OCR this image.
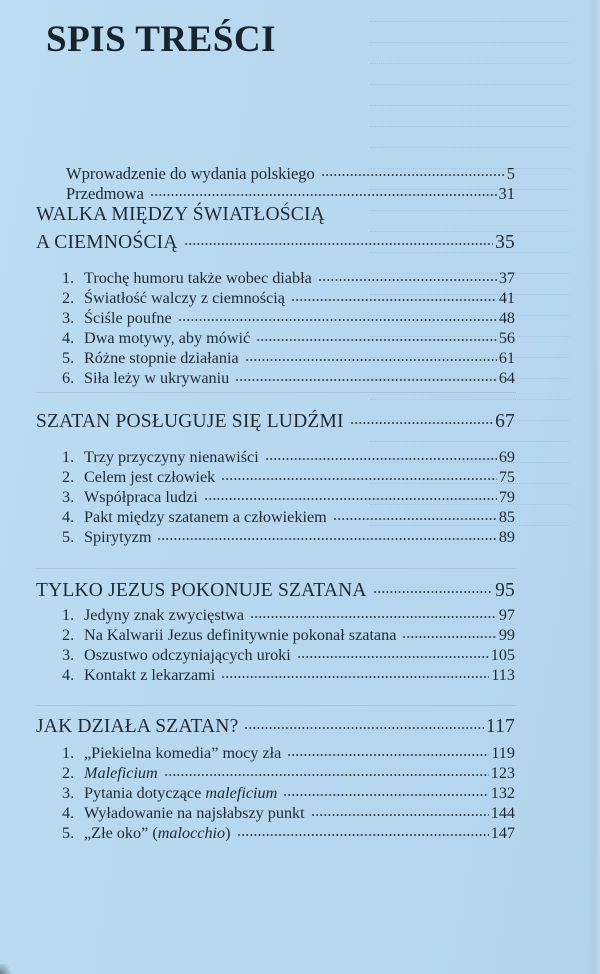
SPIS TREŚCI
Wprowadzenie do wydania polskiego	5
Przedmowa	31
WALKA MIĘDZY ŚWIATŁOŚCIĄ
A CIEMNOŚCIĄ	35
1. Trochę humoru także wobec diabła	37
2. Światłość walczy z ciemnością	41
3. Ściśle poufne	48
4. Dwa motywy, aby mówić	56
5. Różne stopnie działania	61
6. Siła leży w ukrywaniu	64
SZATAN POSŁUGUJE SIĘ LUDŹMI	67
1. Trzy przyczyny nienawiści	69
2. Celem jest człowiek	75
3. Współpraca ludzi	79
4. Pakt między szatanem a człowiekiem	85
5. Spirytyzm	89
TYLKO JEZUS POKONUJE SZATANA	95
1. Jedyny znak zwycięstwa	97
2. Na Kalwarii Jezus definitywnie pokonał szatana	99
3. Oszustwo odczyniających uroki	105
4. Kontakt z lekarzami	113
JAK DZIAŁA SZATAN?	117
1. „Piekielna komedia” mocy zła	119
2. Maleficium	123
3. Pytania dotyczące maleficium	132
4. Wyładowanie na najsłabszy punkt	144
5. „Złe oko” (malocchio)	147
